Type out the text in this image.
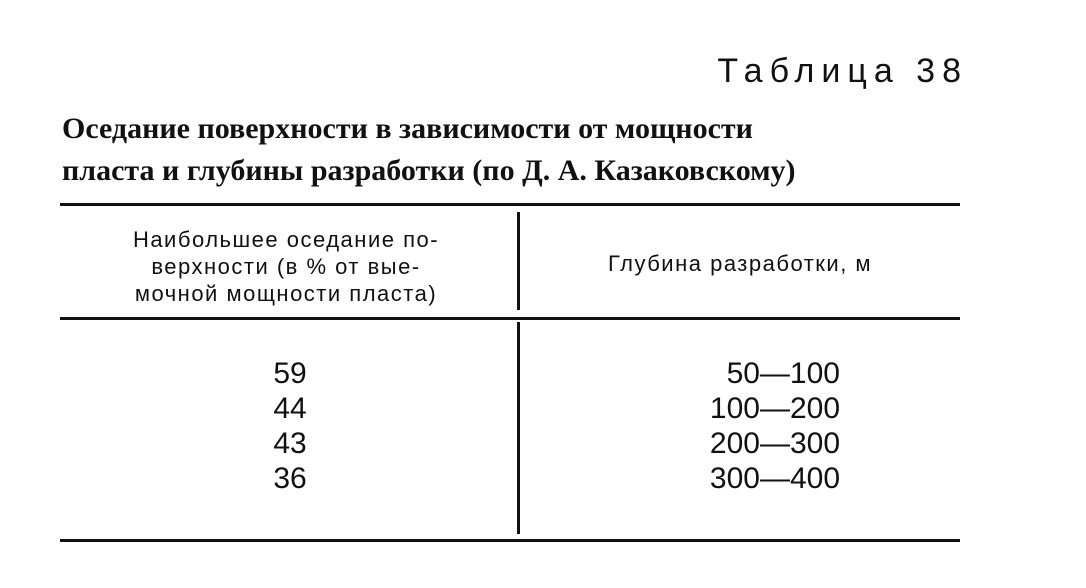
Таблица 38
Оседание поверхности в зависимости от мощности
пласта и глубины разработки (по Д. А. Казаковскому)
Наибольшее оседание по-
верхности (в % от вые-
мочной мощности пласта)
Глубина разработки, м
59
44
43
36
50—100
100—200
200—300
300—400
